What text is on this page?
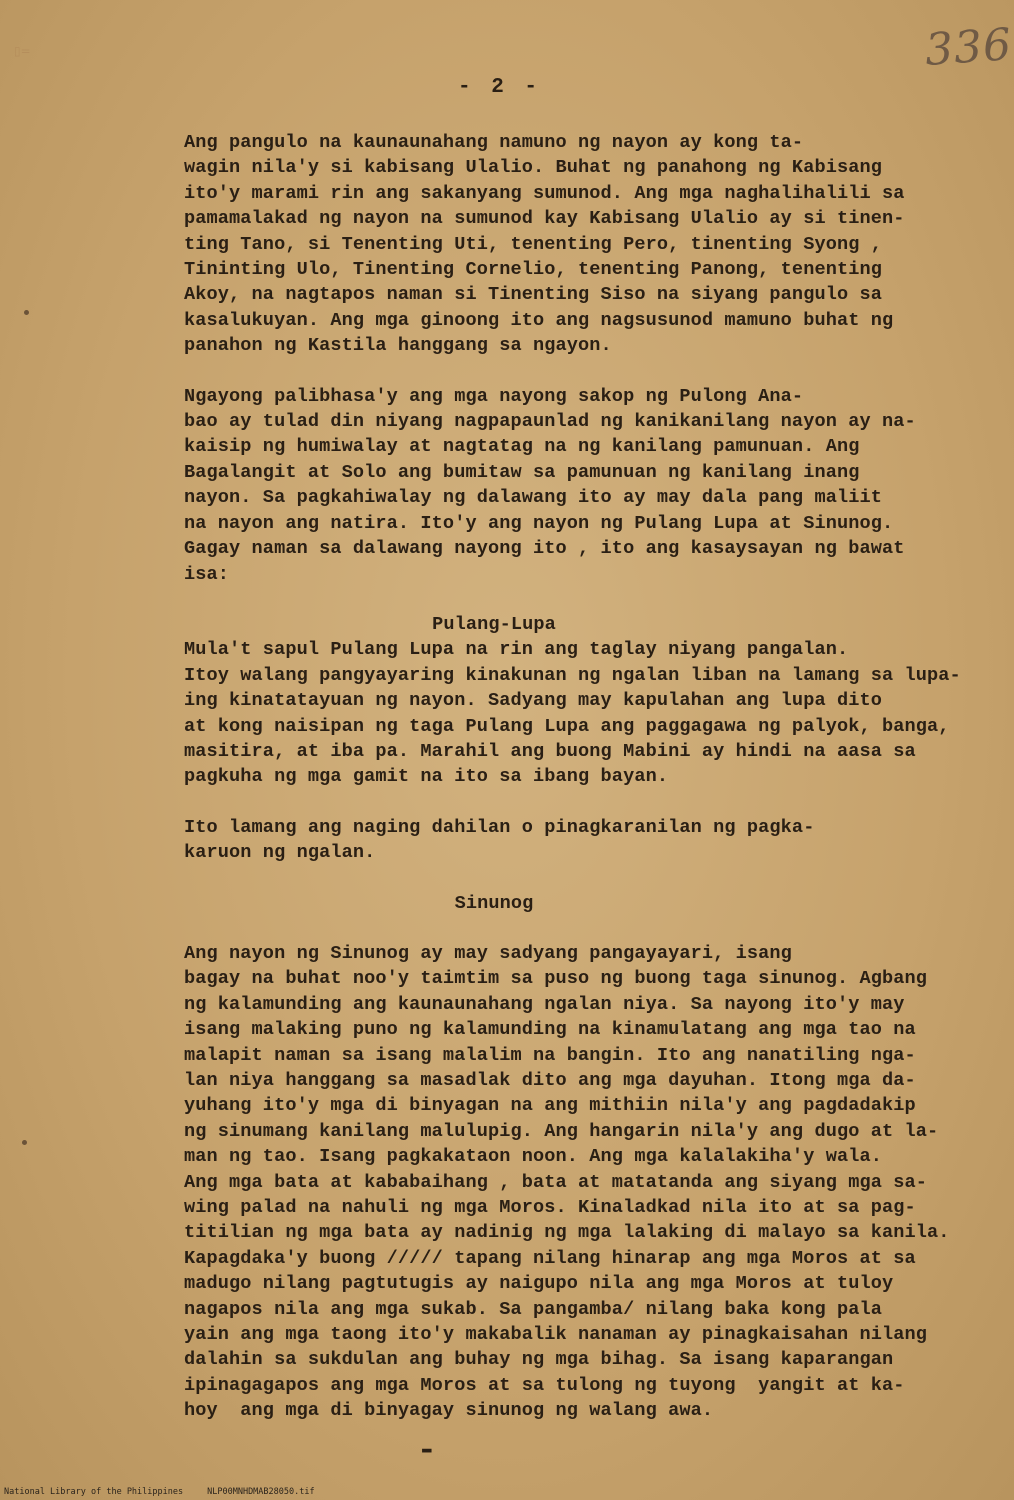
▯=	336
- 2 -
Ang pangulo na kaunaunahang namuno ng nayon ay kong ta-
wagin nila'y si kabisang Ulalio. Buhat ng panahong ng Kabisang
ito'y marami rin ang sakanyang sumunod. Ang mga naghalihalili sa
pamamalakad ng nayon na sumunod kay Kabisang Ulalio ay si tinen-
ting Tano, si Tenenting Uti, tenenting Pero, tinenting Syong ,
Tininting Ulo, Tinenting Cornelio, tenenting Panong, tenenting
Akoy, na nagtapos naman si Tinenting Siso na siyang pangulo sa
kasalukuyan. Ang mga ginoong ito ang nagsusunod mamuno buhat ng
panahon ng Kastila hanggang sa ngayon.
Ngayong palibhasa'y ang mga nayong sakop ng Pulong Ana-
bao ay tulad din niyang nagpapaunlad ng kanikanilang nayon ay na-
kaisip ng humiwalay at nagtatag na ng kanilang pamunuan. Ang
Bagalangit at Solo ang bumitaw sa pamunuan ng kanilang inang
nayon. Sa pagkahiwalay ng dalawang ito ay may dala pang maliit
na nayon ang natira. Ito'y ang nayon ng Pulang Lupa at Sinunog.
Gagay naman sa dalawang nayong ito , ito ang kasaysayan ng bawat
isa:
Pulang-Lupa
Mula't sapul Pulang Lupa na rin ang taglay niyang pangalan.
Itoy walang pangyayaring kinakunan ng ngalan liban na lamang sa lupa-
ing kinatatayuan ng nayon. Sadyang may kapulahan ang lupa dito
at kong naisipan ng taga Pulang Lupa ang paggagawa ng palyok, banga,
masitira, at iba pa. Marahil ang buong Mabini ay hindi na aasa sa
pagkuha ng mga gamit na ito sa ibang bayan.
Ito lamang ang naging dahilan o pinagkaranilan ng pagka-
karuon ng ngalan.
Sinunog
Ang nayon ng Sinunog ay may sadyang pangayayari, isang
bagay na buhat noo'y taimtim sa puso ng buong taga sinunog. Agbang
ng kalamunding ang kaunaunahang ngalan niya. Sa nayong ito'y may
isang malaking puno ng kalamunding na kinamulatang ang mga tao na
malapit naman sa isang malalim na bangin. Ito ang nanatiling nga-
lan niya hanggang sa masadlak dito ang mga dayuhan. Itong mga da-
yuhang ito'y mga di binyagan na ang mithiin nila'y ang pagdadakip
ng sinumang kanilang malulupig. Ang hangarin nila'y ang dugo at la-
man ng tao. Isang pagkakataon noon. Ang mga kalalakiha'y wala.
Ang mga bata at kababaihang , bata at matatanda ang siyang mga sa-
wing palad na nahuli ng mga Moros. Kinaladkad nila ito at sa pag-
titilian ng mga bata ay nadinig ng mga lalaking di malayo sa kanila.
Kapagdaka'y buong ///// tapang nilang hinarap ang mga Moros at sa
madugo nilang pagtutugis ay naigupo nila ang mga Moros at tuloy
nagapos nila ang mga sukab. Sa pangamba/ nilang baka kong pala
yain ang mga taong ito'y makabalik nanaman ay pinagkaisahan nilang
dalahin sa sukdulan ang buhay ng mga bihag. Sa isang kaparangan
ipinagagapos ang mga Moros at sa tulong ng tuyong  yangit at ka-
hoy  ang mga di binyagay sinunog ng walang awa.
▬
National Library of the Philippines	NLP00MNHDMAB28050.tif
